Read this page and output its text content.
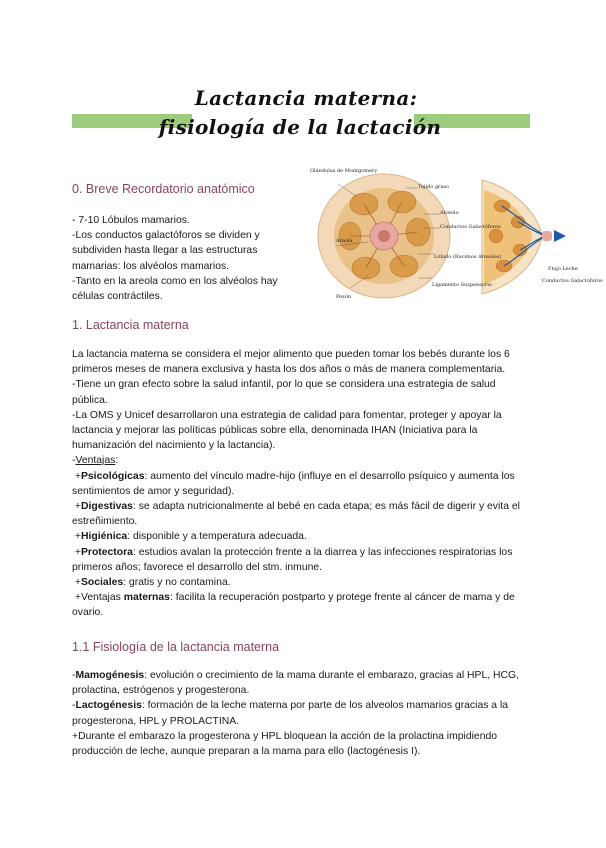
Lactancia materna:
fisiología de la lactación
0. Breve Recordatorio anatómico

- 7-10 Lóbulos mamarios.

-Los conductos galactóforos se dividen y subdividen hasta llegar a las estructuras mamarias: los alvéolos mamarios.

-Tanto en la areola como en los alvéolos hay células contráctiles.

Glándulas de Montgomery
Tejido graso
Alvéolo
Conductos Galactóforos
Areola
Lóbulo (Racimos Alveolos)
Ligamento Suspensorio
Pezón
Flujo Leche
Conductos Galactóforos
1. Lactancia materna

La lactancia materna se considera el mejor alimento que pueden tomar los bebés durante los 6 primeros meses de manera exclusiva y hasta los dos años o más de manera complementaria.

-Tiene un gran efecto sobre la salud infantil, por lo que se considera una estrategia de salud pública.

-La OMS y Unicef desarrollaron una estrategia de calidad para fomentar, proteger y apoyar la lactancia y mejorar las políticas públicas sobre ella, denominada IHAN (Iniciativa para la humanización del nacimiento y la lactancia).

-Ventajas:

+Psicológicas: aumento del vínculo madre-hijo (influye en el desarrollo psíquico y aumenta los sentimientos de amor y seguridad).

+Digestivas: se adapta nutricionalmente al bebé en cada etapa; es más fácil de digerir y evita el estreñimiento.

+Higiénica: disponible y a temperatura adecuada.

+Protectora: estudios avalan la protección frente a la diarrea y las infecciones respiratorias los primeros años; favorece el desarrollo del stm. inmune.

+Sociales: gratis y no contamina.

+Ventajas maternas: facilita la recuperación postparto y protege frente al cáncer de mama y de ovario.

1.1 Fisiología de la lactancia materna

-Mamogénesis: evolución o crecimiento de la mama durante el embarazo, gracias al HPL, HCG, prolactina, estrógenos y progesterona.

-Lactogénesis: formación de la leche materna por parte de los alveolos mamarios gracias a la progesterona, HPL y PROLACTINA.

+Durante el embarazo la progesterona y HPL bloquean la acción de la prolactina impidiendo producción de leche, aunque preparan a la mama para ello (lactogénesis I).
